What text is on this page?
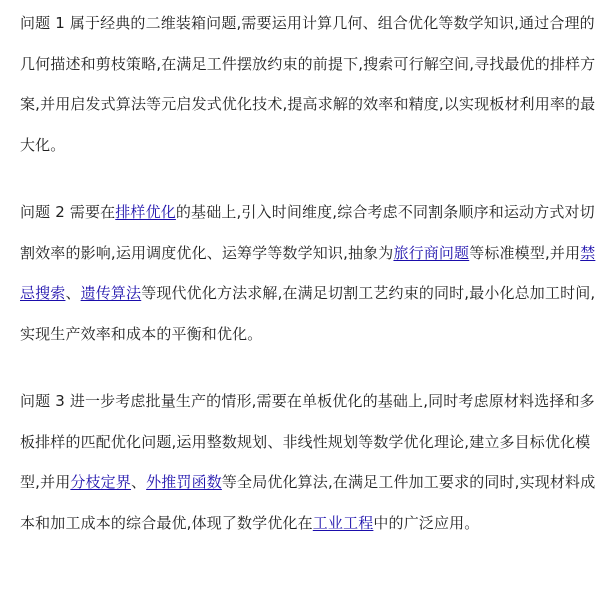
问题 1 属于经典的二维装箱问题,需要运用计算几何、组合优化等数学知识,通过合理的几何描述和剪枝策略,在满足工件摆放约束的前提下,搜索可行解空间,寻找最优的排样方案,并用启发式算法等元启发式优化技术,提高求解的效率和精度,以实现板材利用率的最大化。

问题 2 需要在排样优化的基础上,引入时间维度,综合考虑不同割条顺序和运动方式对切割效率的影响,运用调度优化、运筹学等数学知识,抽象为旅行商问题等标准模型,并用禁忌搜索、遗传算法等现代优化方法求解,在满足切割工艺约束的同时,最小化总加工时间,实现生产效率和成本的平衡和优化。

问题 3 进一步考虑批量生产的情形,需要在单板优化的基础上,同时考虑原材料选择和多板排样的匹配优化问题,运用整数规划、非线性规划等数学优化理论,建立多目标优化模型,并用分枝定界、外推罚函数等全局优化算法,在满足工件加工要求的同时,实现材料成本和加工成本的综合最优,体现了数学优化在工业工程中的广泛应用。
